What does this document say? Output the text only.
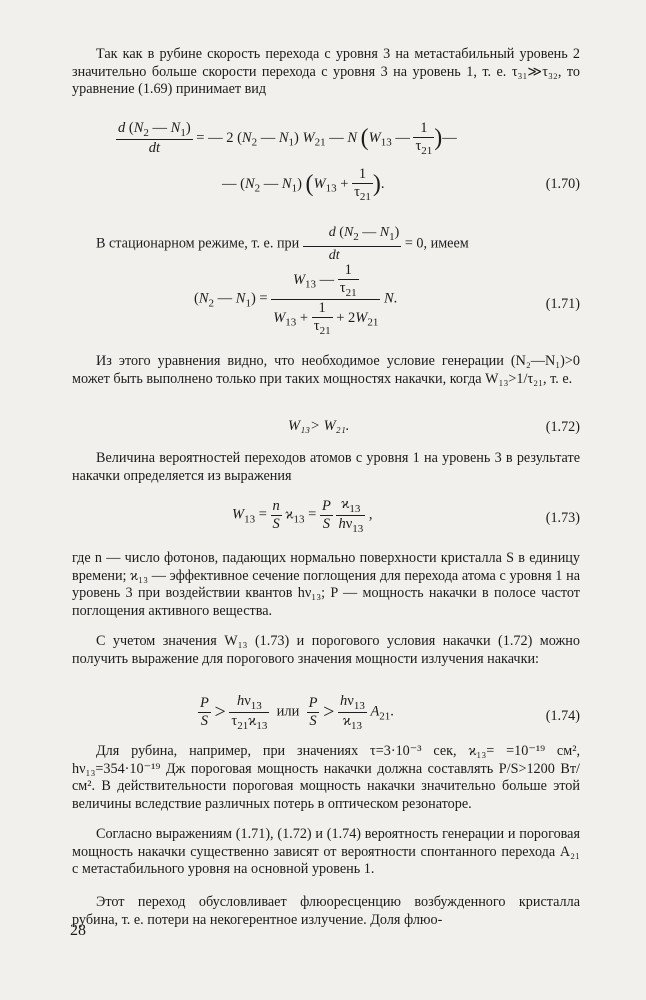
Так как в рубине скорость перехода с уровня 3 на метастабильный уровень 2 значительно больше скорости перехода с уровня 3 на уровень 1, т. е. τ₃₁≫τ₃₂, то уравнение (1.69) принимает вид
$\frac{d (N_2 — N_1)}{dt}$ = — 2 ($N_2$ — $N_1$) $W_{21}$ — N ($W_{13}$ — $\frac{1}{\tau_{21}}$ )—
— ($N_2$ — $N_1$) ($W_{13} + \frac{1}{\tau_{21}}$ ).	(1.70)
В стационарном режиме, т. е. при $\frac{d (N_2 — N_1)}{dt} = 0$, имеем
($N_2$ — $N_1) = \frac{W_{13} — \frac{1}{\tau_{21}}}{W_{13} + \frac{1}{\tau_{21}} + 2W_{21}} N$.	(1.71)
Из этого уравнения видно, что необходимое условие генерации (N₂—N₁)>0 может быть выполнено только при таких мощностях накачки, когда W₁₃>1/τ₂₁, т. е.
W₁₃> W₂₁.	(1.72)
Величина вероятностей переходов атомов с уровня 1 на уровень 3 в результате накачки определяется из выражения
$W_{13} = \frac{n}{S} ϰ_{13} = \frac{P}{S}$
$\frac{ϰ_{13}}{h\nu_{13}}$ ,	(1.73)
где n — число фотонов, падающих нормально поверхности кристалла S в единицу времени; ϰ₁₃ — эффективное сечение поглощения для перехода атома с уровня 1 на уровень 3 при воздействии квантов hν₁₃; P — мощность накачки в полосе частот поглощения активного вещества.
С учетом значения W₁₃ (1.73) и порогового условия накачки (1.72) можно получить выражение для порогового значения мощности излучения накачки:
$\frac{P}{S} > \frac{h\nu_{13}}{\tau_{21}ϰ_{13}}$ или $\frac{P}{S} > \frac{h\nu_{13}}{ϰ_{13}} A_{21}$.	(1.74)
Для рубина, например, при значениях τ=3·10⁻³ сек, ϰ₁₃= =10⁻¹⁹ см², hν₁₃=354·10⁻¹⁹ Дж пороговая мощность накачки должна составлять P/S>1200 Вт/см². В действительности пороговая мощность накачки значительно больше этой величины вследствие различных потерь в оптическом резонаторе.
Согласно выражениям (1.71), (1.72) и (1.74) вероятность генерации и пороговая мощность накачки существенно зависят от вероятности спонтанного перехода A₂₁ с метастабильного уровня на основной уровень 1.
Этот переход обусловливает флюоресценцию возбужденного кристалла рубина, т. е. потери на некогерентное излучение. Доля флюо-
28
